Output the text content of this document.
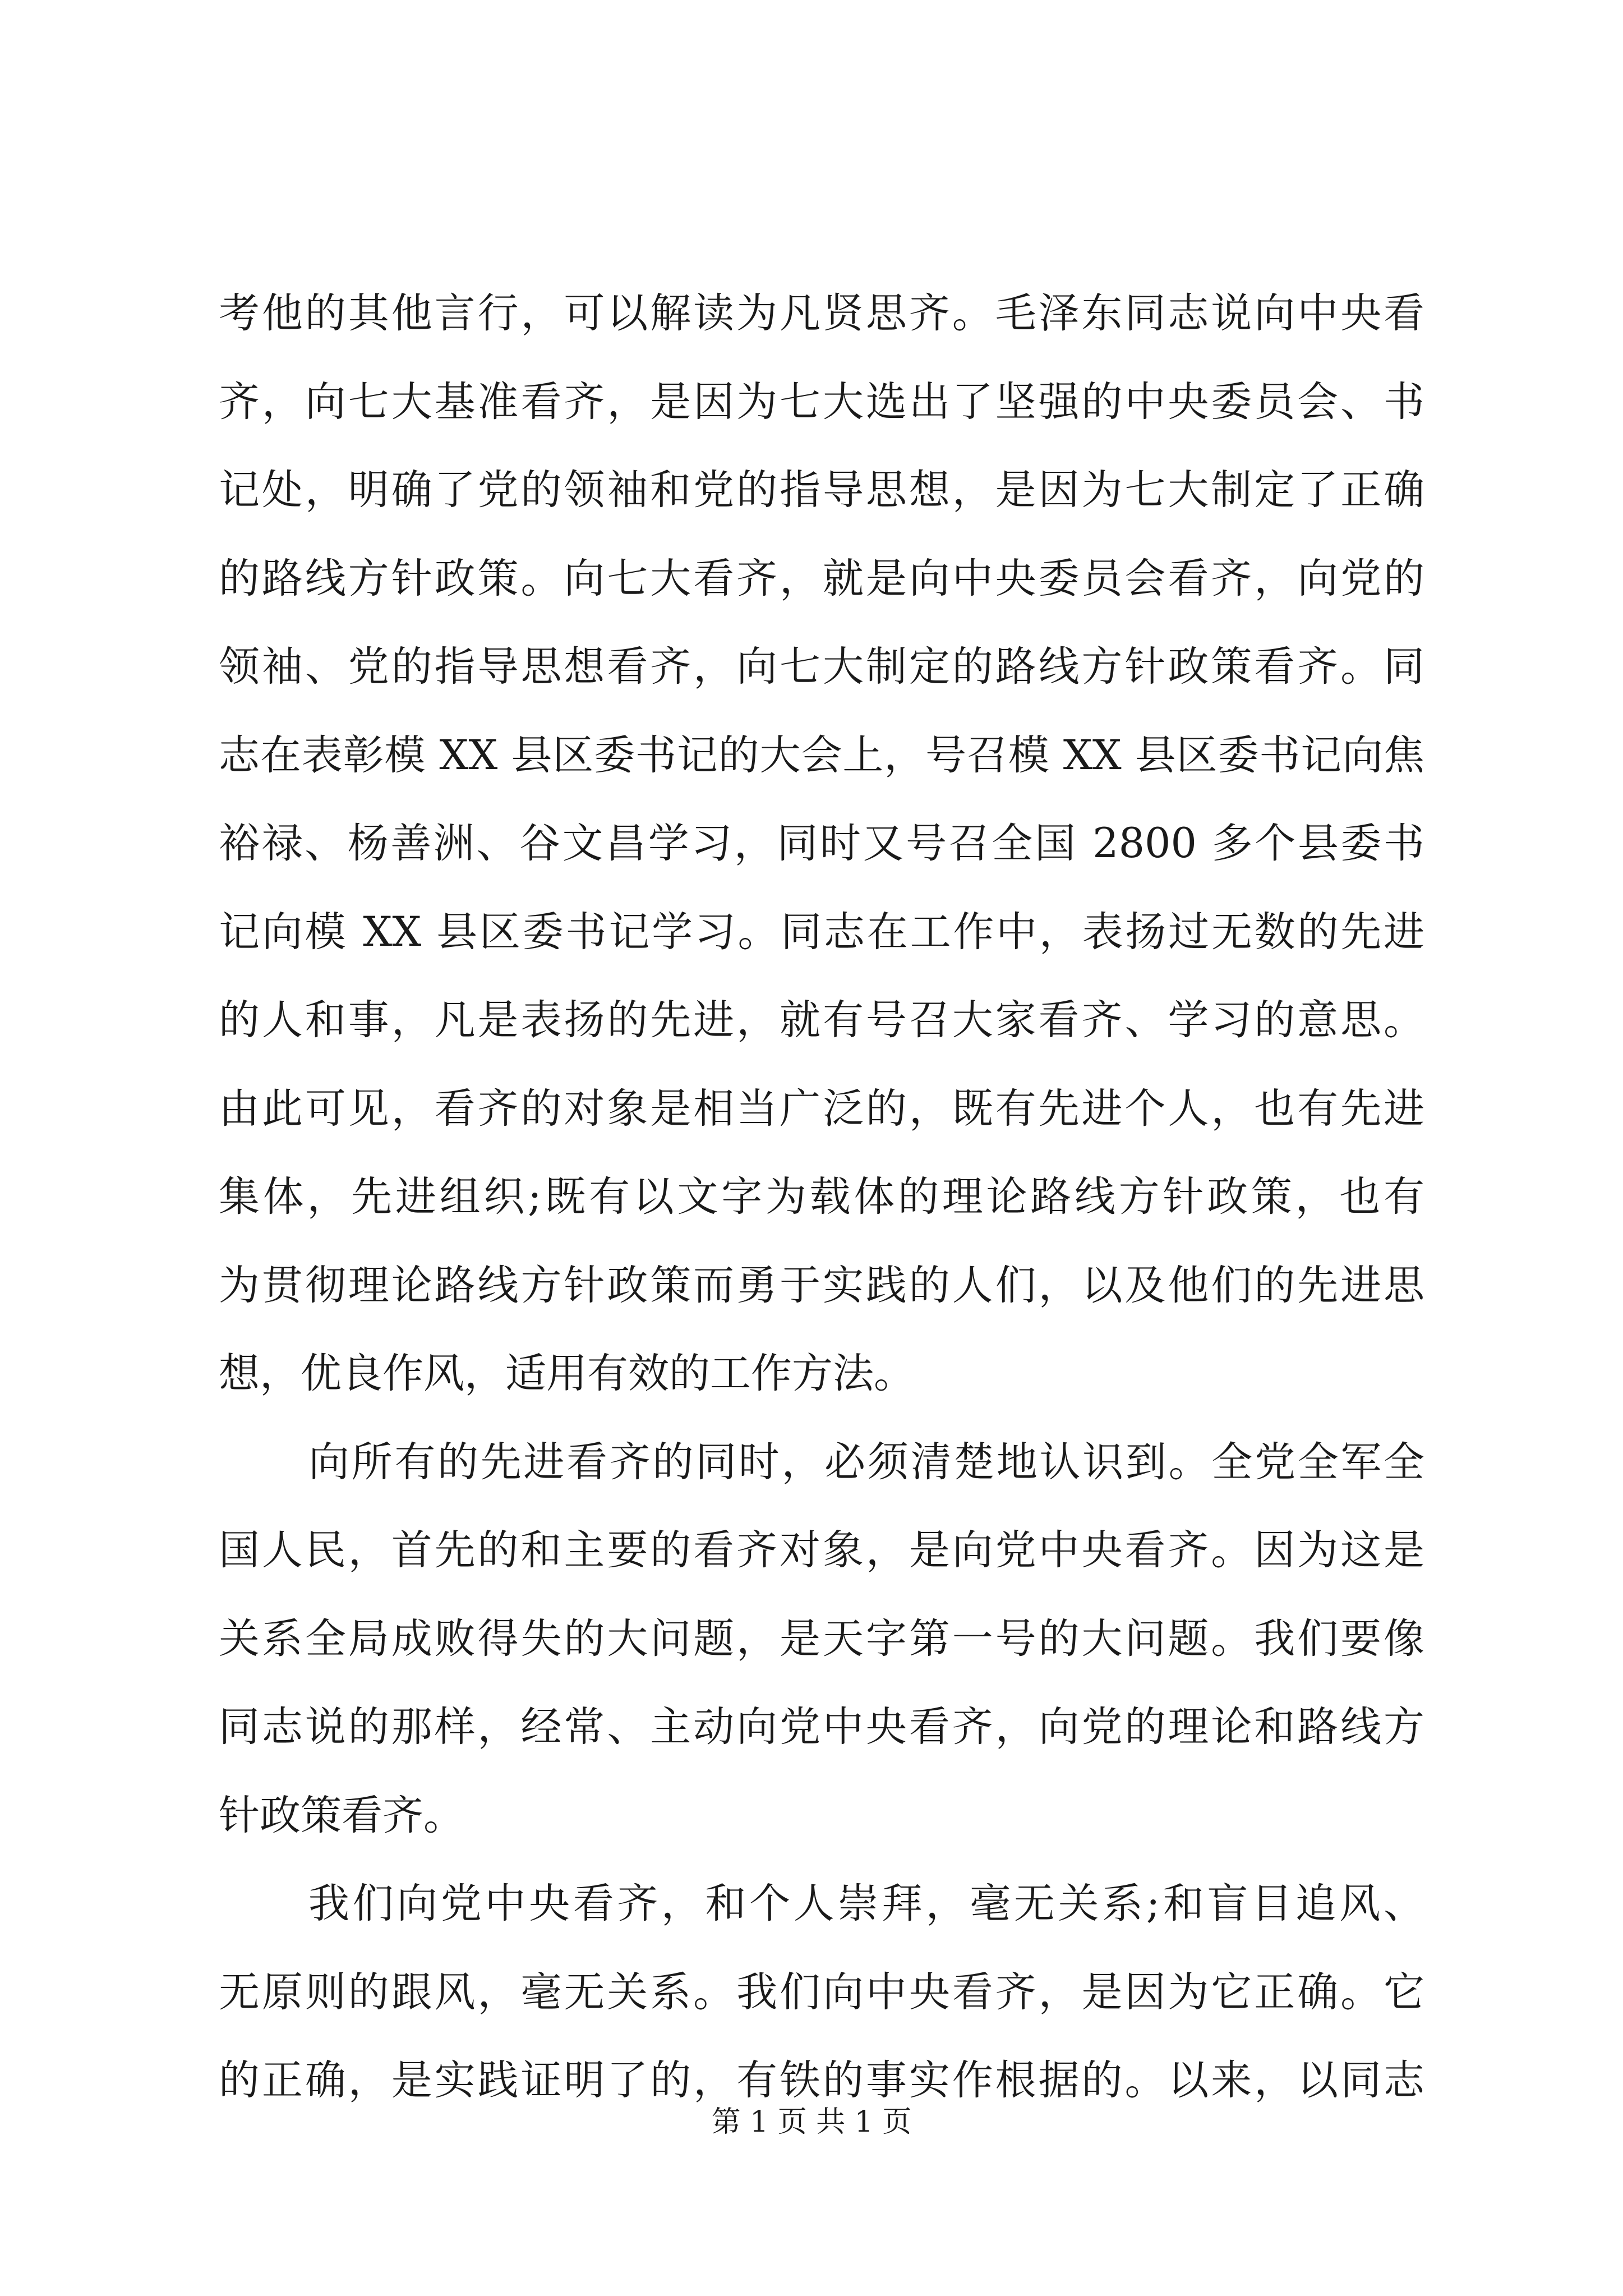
考他的其他言行，可以解读为凡贤思齐。毛泽东同志说向中央看
齐，向七大基准看齐，是因为七大选出了坚强的中央委员会、书
记处，明确了党的领袖和党的指导思想，是因为七大制定了正确
的路线方针政策。向七大看齐，就是向中央委员会看齐，向党的
领袖、党的指导思想看齐，向七大制定的路线方针政策看齐。同
志在表彰模 XX 县区委书记的大会上，号召模 XX 县区委书记向焦
裕禄、杨善洲、谷文昌学习，同时又号召全国 2800 多个县委书
记向模 XX 县区委书记学习。同志在工作中，表扬过无数的先进
的人和事，凡是表扬的先进，就有号召大家看齐、学习的意思。
由此可见，看齐的对象是相当广泛的，既有先进个人，也有先进
集体，先进组织;既有以文字为载体的理论路线方针政策，也有
为贯彻理论路线方针政策而勇于实践的人们，以及他们的先进思
想，优良作风，适用有效的工作方法。
向所有的先进看齐的同时，必须清楚地认识到。全党全军全
国人民，首先的和主要的看齐对象，是向党中央看齐。因为这是
关系全局成败得失的大问题，是天字第一号的大问题。我们要像
同志说的那样，经常、主动向党中央看齐，向党的理论和路线方
针政策看齐。
我们向党中央看齐，和个人崇拜，毫无关系;和盲目追风、
无原则的跟风，毫无关系。我们向中央看齐，是因为它正确。它
的正确，是实践证明了的，有铁的事实作根据的。以来，以同志
第 1 页 共 1 页
